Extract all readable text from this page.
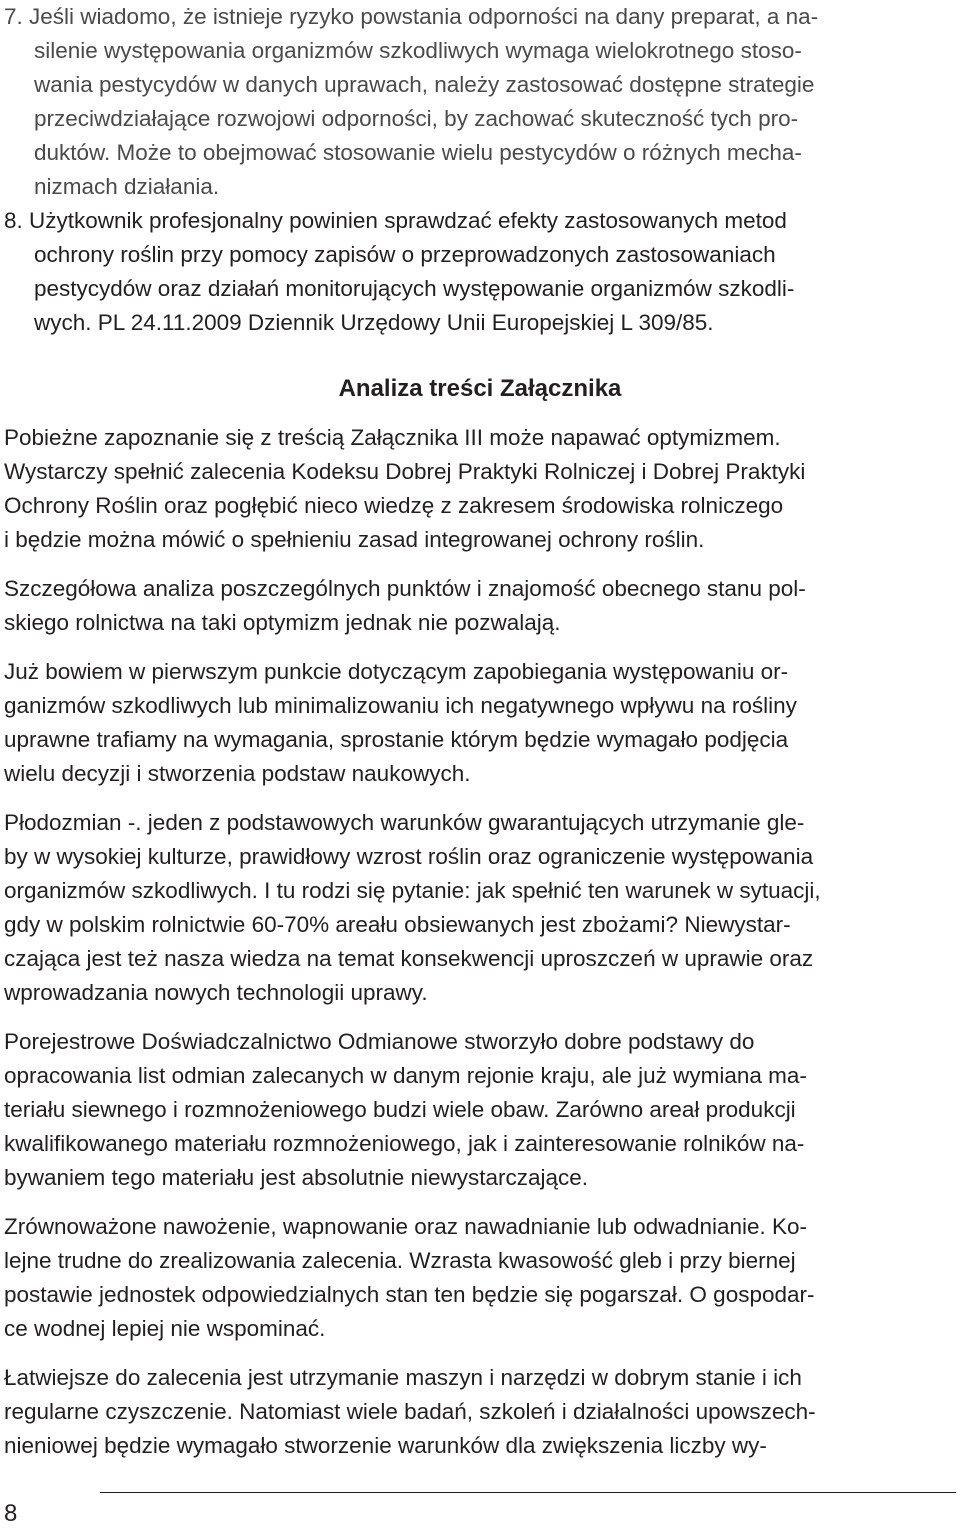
7. Jeśli wiadomo, że istnieje ryzyko powstania odporności na dany preparat, a na-
silenie występowania organizmów szkodliwych wymaga wielokrotnego stoso-
wania pestycydów w danych uprawach, należy zastosować dostępne strategie
przeciwdziałające rozwojowi odporności, by zachować skuteczność tych pro-
duktów. Może to obejmować stosowanie wielu pestycydów o różnych mecha-
nizmach działania.
8. Użytkownik profesjonalny powinien sprawdzać efekty zastosowanych metod
ochrony roślin przy pomocy zapisów o przeprowadzonych zastosowaniach
pestycydów oraz działań monitorujących występowanie organizmów szkodli-
wych. PL 24.11.2009 Dziennik Urzędowy Unii Europejskiej L 309/85.
Analiza treści Załącznika
Pobieżne zapoznanie się z treścią Załącznika III może napawać optymizmem.
Wystarczy spełnić zalecenia Kodeksu Dobrej Praktyki Rolniczej i Dobrej Praktyki
Ochrony Roślin oraz pogłębić nieco wiedzę z zakresem środowiska rolniczego
i będzie można mówić o spełnieniu zasad integrowanej ochrony roślin.
Szczegółowa analiza poszczególnych punktów i znajomość obecnego stanu pol-
skiego rolnictwa na taki optymizm jednak nie pozwalają.
Już bowiem w pierwszym punkcie dotyczącym zapobiegania występowaniu or-
ganizmów szkodliwych lub minimalizowaniu ich negatywnego wpływu na rośliny
uprawne trafiamy na wymagania, sprostanie którym będzie wymagało podjęcia
wielu decyzji i stworzenia podstaw naukowych.
Płodozmian -. jeden z podstawowych warunków gwarantujących utrzymanie gle-
by w wysokiej kulturze, prawidłowy wzrost roślin oraz ograniczenie występowania
organizmów szkodliwych. I tu rodzi się pytanie: jak spełnić ten warunek w sytuacji,
gdy w polskim rolnictwie 60-70% areału obsiewanych jest zbożami? Niewystar-
czająca jest też nasza wiedza na temat konsekwencji uproszczeń w uprawie oraz
wprowadzania nowych technologii uprawy.
Porejestrowe Doświadczalnictwo Odmianowe stworzyło dobre podstawy do
opracowania list odmian zalecanych w danym rejonie kraju, ale już wymiana ma-
teriału siewnego i rozmnożeniowego budzi wiele obaw. Zarówno areał produkcji
kwalifikowanego materiału rozmnożeniowego, jak i zainteresowanie rolników na-
bywaniem tego materiału jest absolutnie niewystarczające.
Zrównoważone nawożenie, wapnowanie oraz nawadnianie lub odwadnianie. Ko-
lejne trudne do zrealizowania zalecenia. Wzrasta kwasowość gleb i przy biernej
postawie jednostek odpowiedzialnych stan ten będzie się pogarszał. O gospodar-
ce wodnej lepiej nie wspominać.
Łatwiejsze do zalecenia jest utrzymanie maszyn i narzędzi w dobrym stanie i ich
regularne czyszczenie. Natomiast wiele badań, szkoleń i działalności upowszech-
nieniowej będzie wymagało stworzenie warunków dla zwiększenia liczby wy-
8
